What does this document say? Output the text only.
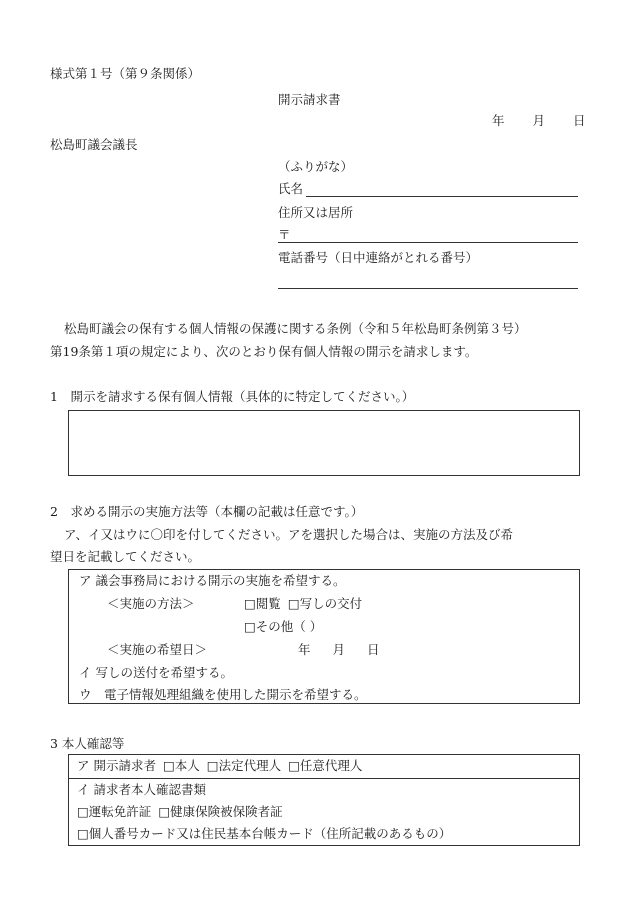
様式第１号（第９条関係）
開示請求書
年 月 日
松島町議会議長
（ふりがな）
氏名
住所又は居所
〒
電話番号（日中連絡がとれる番号）
松島町議会の保有する個人情報の保護に関する条例（令和５年松島町条例第３号）
第19条第１項の規定により、次のとおり保有個人情報の開示を請求します。
1　開示を請求する保有個人情報（具体的に特定してください。）
2　求める開示の実施方法等（本欄の記載は任意です。）
ア、イ又はウに〇印を付してください。アを選択した場合は、実施の方法及び希
望日を記載してください。
ア 議会事務局における開示の実施を希望する。
＜実施の方法＞	□閲覧 □写しの交付
□その他（ ）
＜実施の希望日＞	年 月 日
イ 写しの送付を希望する。
ウ　電子情報処理組織を使用した開示を希望する。
3 本人確認等
ア 開示請求者 □本人 □法定代理人 □任意代理人
イ 請求者本人確認書類
□運転免許証 □健康保険被保険者証
□個人番号カード又は住民基本台帳カード（住所記載のあるもの）
